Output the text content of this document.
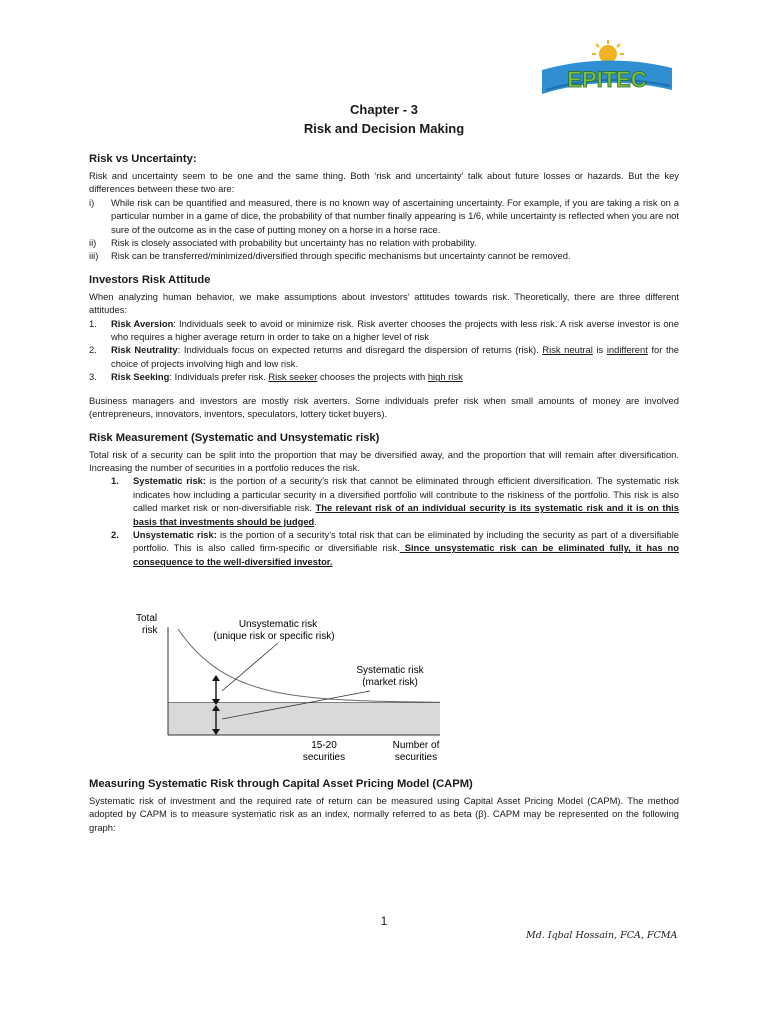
EPITEC
Chapter - 3
Risk and Decision Making
Risk vs Uncertainty:

Risk and uncertainty seem to be one and the same thing. Both ‘risk and uncertainty’ talk about future losses or hazards. But the key differences between these two are:

i) While risk can be quantified and measured, there is no known way of ascertaining uncertainty. For example, if you are taking a risk on a particular number in a game of dice, the probability of that number finally appearing is 1/6, while uncertainty is reflected when you are not sure of the outcome as in the case of putting money on a horse in a horse race.
ii) Risk is closely associated with probability but uncertainty has no relation with probability.
iii) Risk can be transferred/minimized/diversified through specific mechanisms but uncertainty cannot be removed.
Investors Risk Attitude

When analyzing human behavior, we make assumptions about investors’ attitudes towards risk. Theoretically, there are three different attitudes:

1. Risk Aversion: Individuals seek to avoid or minimize risk. Risk averter chooses the projects with less risk. A risk averse investor is one who requires a higher average return in order to take on a higher level of risk
2. Risk Neutrality: Individuals focus on expected returns and disregard the dispersion of returns (risk). Risk neutral is indifferent for the choice of projects involving high and low risk.
3. Risk Seeking: Individuals prefer risk. Risk seeker chooses the projects with high risk

Business managers and investors are mostly risk averters. Some individuals prefer risk when small amounts of money are involved (entrepreneurs, innovators, inventors, speculators, lottery ticket buyers).

Risk Measurement (Systematic and Unsystematic risk)

Total risk of a security can be split into the proportion that may be diversified away, and the proportion that will remain after diversification. Increasing the number of securities in a portfolio reduces the risk.

1. Systematic risk: is the portion of a security’s risk that cannot be eliminated through efficient diversification. The systematic risk indicates how including a particular security in a diversified portfolio will contribute to the riskiness of the portfolio. This risk is also called market risk or non-diversifiable risk. The relevant risk of an individual security is its systematic risk and it is on this basis that investments should be judged.
2. Unsystematic risk: is the portion of a security’s total risk that can be eliminated by including the security as part of a diversifiable portfolio. This is also called firm-specific or diversifiable risk. Since unsystematic risk can be eliminated fully, it has no consequence to the well-diversified investor.
Total
risk
Unsystematic risk
(unique risk or specific risk)
Systematic risk
(market risk)
15-20
securities
Number of
securities
Measuring Systematic Risk through Capital Asset Pricing Model (CAPM)

Systematic risk of investment and the required rate of return can be measured using Capital Asset Pricing Model (CAPM). The method adopted by CAPM is to measure systematic risk as an index, normally referred to as beta (β). CAPM may be represented on the following graph:

1
Md. Iqbal Hossain, FCA, FCMA
